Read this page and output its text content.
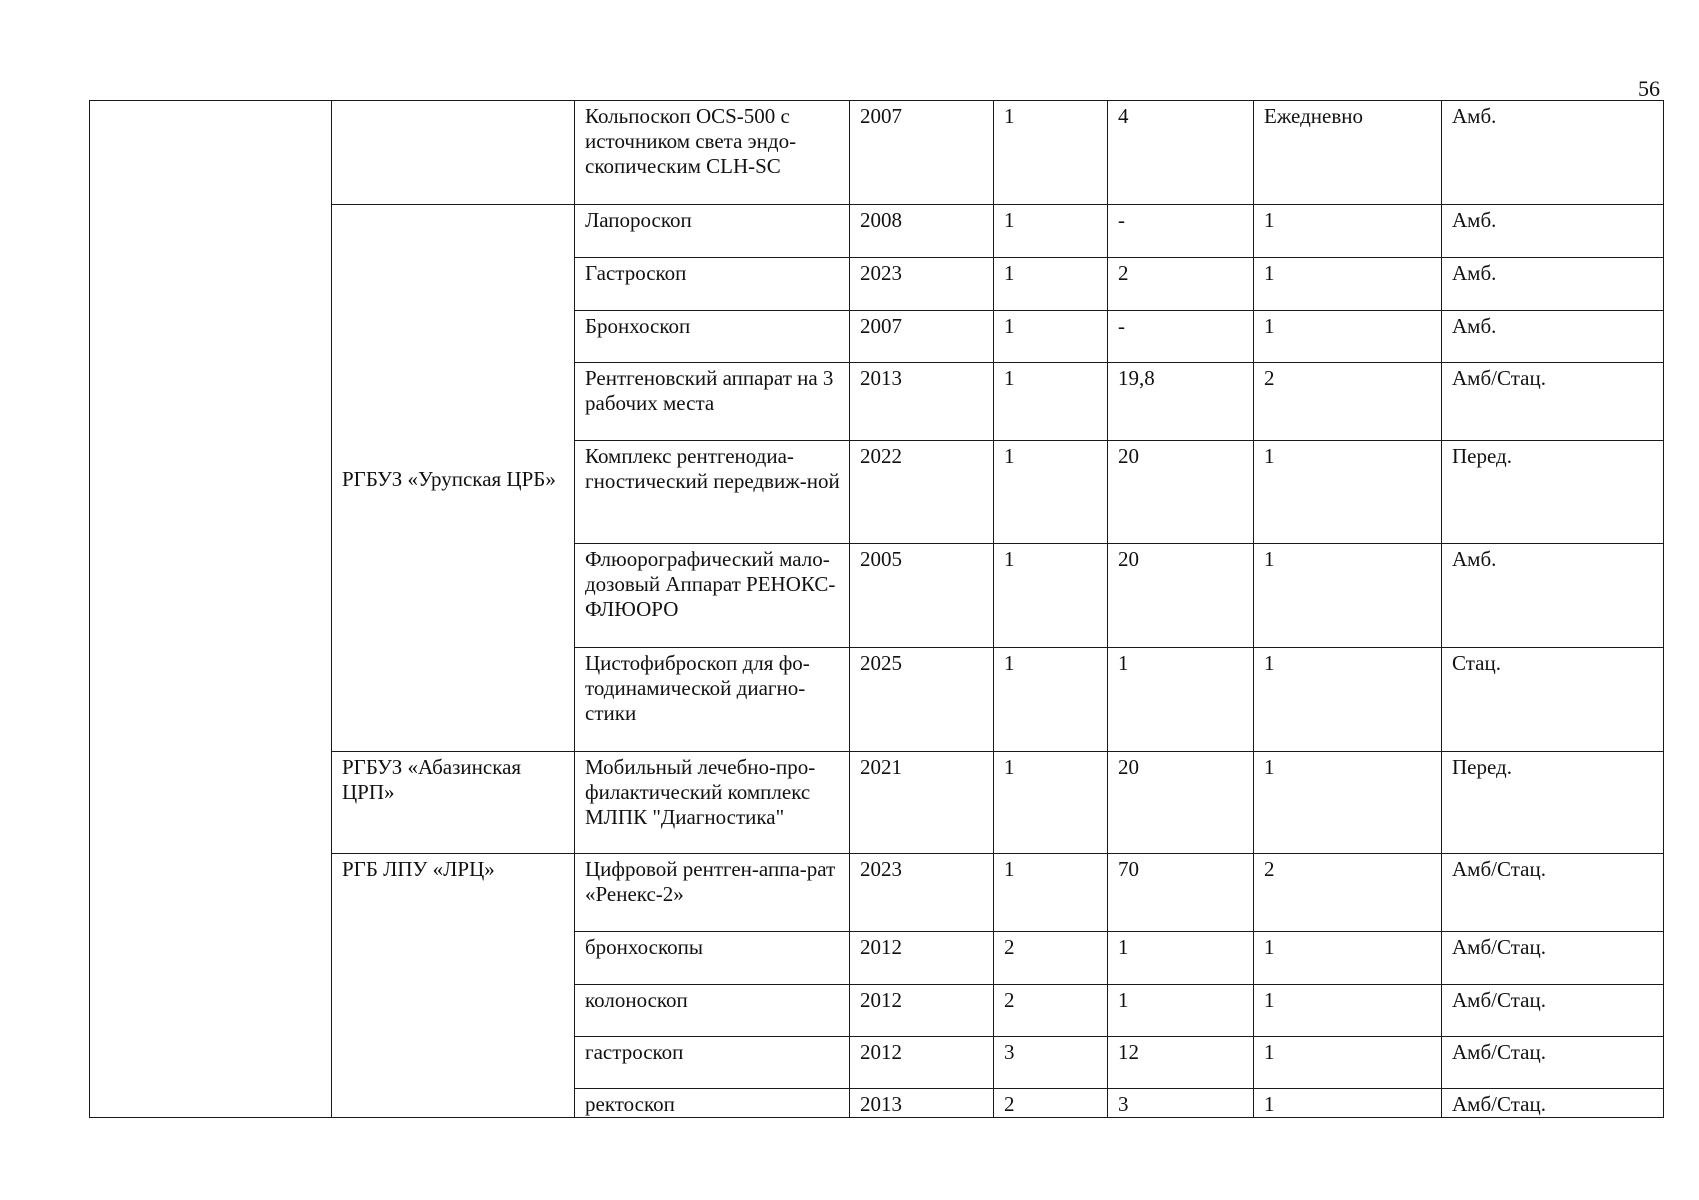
56
		Кольпоскоп OCS-500 с источником света эндо-скопическим CLH-SC	2007	1	4	Ежедневно	Амб.
	РГБУЗ «Урупская ЦРБ»	Лапороскоп	2008	1	-	1	Амб.
		Гастроскоп	2023	1	2	1	Амб.
		Бронхоскоп	2007	1	-	1	Амб.
		Рентгеновский аппарат на 3 рабочих места	2013	1	19,8	2	Амб/Стац.
		Комплекс рентгенодиа-гностический передвиж-ной	2022	1	20	1	Перед.
		Флюорографический мало-дозовый Аппарат РЕНОКС-ФЛЮОРО	2005	1	20	1	Амб.
		Цистофиброскоп для фо-тодинамической диагно-стики	2025	1	1	1	Стац.
	РГБУЗ «Абазинская ЦРП»	Мобильный лечебно-про-филактический комплекс МЛПК "Диагностика"	2021	1	20	1	Перед.
	РГБ ЛПУ «ЛРЦ»	Цифровой рентген-аппа-рат «Ренекс-2»	2023	1	70	2	Амб/Стац.
		бронхоскопы	2012	2	1	1	Амб/Стац.
		колоноскоп	2012	2	1	1	Амб/Стац.
		гастроскоп	2012	3	12	1	Амб/Стац.
		ректоскоп	2013	2	3	1	Амб/Стац.
